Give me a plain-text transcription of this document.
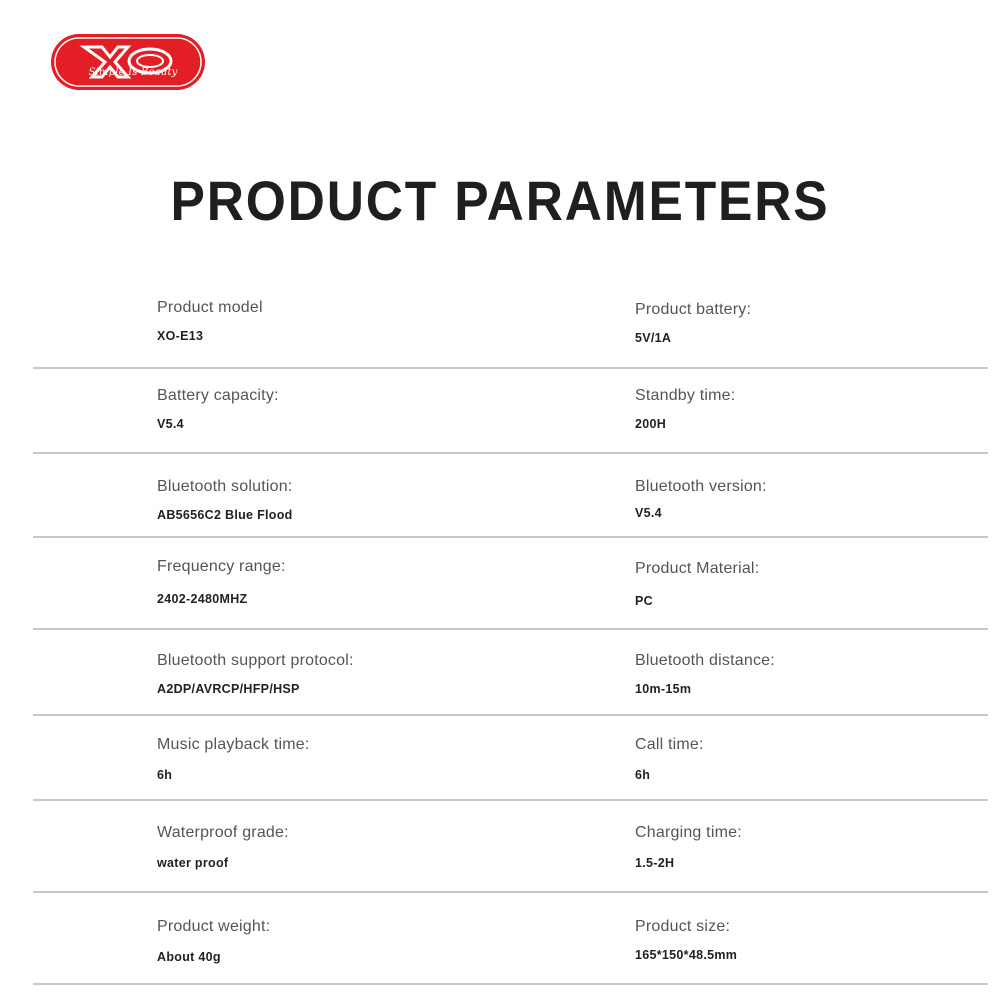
Simple Is Beauty
PRODUCT PARAMETERS
Product model
XO-E13
Product battery:
5V/1A
Battery capacity:
V5.4
Standby time:
200H
Bluetooth solution:
AB5656C2 Blue Flood
Bluetooth version:
V5.4
Frequency range:
2402-2480MHZ
Product Material:
PC
Bluetooth support protocol:
A2DP/AVRCP/HFP/HSP
Bluetooth distance:
10m-15m
Music playback time:
6h
Call time:
6h
Waterproof grade:
water proof
Charging time:
1.5-2H
Product weight:
About 40g
Product size:
165*150*48.5mm
